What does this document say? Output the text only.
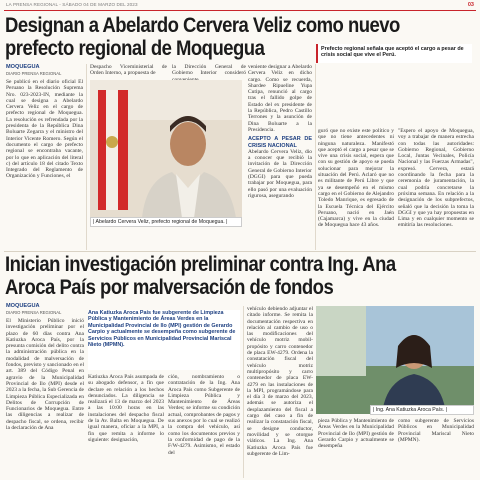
LA PRENSA REGIONAL - SÁBADO 04 DE MARZO DEL 2023	03
Designan a Abelardo Cervera Veliz como nuevo
prefecto regional de Moquegua
MOQUEGUA
DIARIO PRENSA REGIONAL
Se publicó en el diario oficial El Peruano la Resolución Suprema Nro. 023-2023-IN, mediante la cual se designa a Abelardo Cervera Veliz en el cargo de prefecto regional de Moquegua. La resolución es refrendada por la presidenta de la República Dina Boluarte Zegarra y el ministro del Interior Vicente Romero. Según el documento el cargo de prefecto regional se encontraba vacante, por lo que en aplicación del literal c) del artículo 18 del citado Texto Integrado del Reglamento de Organización y Funciones, el
Despacho Viceministerial de Orden Interno, a propuesta de
la Dirección General de Gobierno Interior consideró
| Abelardo Cervera Veliz, prefecto regional de Moquegua. |

veniente designar a Abelardo Cervera Veliz en dicho cargo. Como se recuerda, Shardee Ripueline Yupa Cutipa, renunció al cargo tras el fallido golpe de Estado del ex presidente de la República, Pedro Castillo Terrones y la asunción de Dina Boluarte a la Presidencia.

ACEPTO A PESAR DE CRISIS NACIONAL

Abelardo Cervera Veliz, dio a conocer que recibió la invitación de la Dirección General de Gobierno Interior (DGGI) para que pueda trabajar por Moquegua, para ello pasó por una evaluación rigurosa, asegurando

Prefecto regional señala que aceptó el cargo a pesar de crisis social que vive el Perú.
guró que no existe este político y que no tiene antecedentes ni ninguna naturaleza. Manifestó que aceptó el cargo a pesar que se vive una crisis social, espera que con su gestión de apoyo se pueda solucionar para mejorar la situación del Perú. Aclaró que no es militante de Perú Libre y que ya se desempeñó en el mismo cargo en el Gobierno de Alejandro Toledo Manrique, es egresado de la Escuela Técnica del Ejército Peruano, nació en Jaén (Cajamarca) y vive en la ciudad de Moquegua hace 43 años.
"Espero el apoyo de Moquegua, voy a trabajar de manera estrecha con todas las autoridades: Gobierno Regional, Gobierno Local, Juntas Vecinales, Policía Nacional y las Fuerzas Armadas", expresó. Cervera, estará coordinando la fecha para la ceremonia de juramentación, la cual podría concretarse la próxima semana. En relación a la designación de los subprefectos, señaló que la decisión la toma la DGGI y que ya hay propuestas en Lima y en cualquier momento se emitiría las resoluciones.
Inician investigación preliminar contra Ing. Ana
Aroca País por malversación de fondos
MOQUEGUA
DIARIO PRENSA REGIONAL
El Ministerio Público inició investigación preliminar por el plazo de 60 días contra Ana Katiuzka Aroca País, por la presunta comisión del delito contra la administración pública en la modalidad de malversación de fondos, previsto y sancionado en el art. 389 del Código Penal en agravio de la Municipalidad Provincial de Ilo (MPI) desde el 2023 a la fecha, la Sub Gerencia de Limpieza Pública Especializada en Delitos de Corrupción de Funcionarios de Moquegua. Entre las diligencias a realizar de despacho fiscal, se ordena, recibir la declaración de Ana
Ana Katiuzka Aroca País fue subgerente de Limpieza Pública y Mantenimiento de Áreas Verdes en la Municipalidad Provincial de Ilo (MPI) gestión de Gerardo Carpio y actualmente se desempeña como subgerente de Servicios Públicos en Municipalidad Provincial Mariscal Nieto (MPMN).
Katiuzka Aroca País asumpada de su abogado defensor, a fin que declare en relación a los hechos denunciados. La diligencia se realizará el 13 de marzo del 2023 a las 10:00 horas en las instalaciones del despacho fiscal de la Av. Balta en Moquegua. De igual manera, oficiar a la MPI, a fin que remita a informe lo siguiente: designación,
ción, nombramiento o contratación de la Ing. Ana Aroca País como Subgerente de Limpieza Pública y Mantenimiento de Áreas Verdes; se informe su condición actual, comprobantes de pagos y sus anexos por lo cual se realizó la compra del vehículo, así como los documentos previos y la conformidad de pago de la F/W-4279. Asimismo, el estado del
vehículo debiendo adjuntar el citado informe. Se remita la documentación respectiva en relación al cambio de uso o las modificaciones del vehículo motriz mobil-propósito y carro contenedor de placa EW-4279. Ordena la constatación fiscal del vehículo motriz multipropósito y carro contenedor de placa EW-4279 en las instalaciones de la MPI, programándose para el día 3 de marzo del 2023, además se autoriza el desplazamiento del fiscal a cargo del caso a fin de realizar la constatación fiscal, se designe conductor, movilidad y se otorgue viáticos. La Ing. Ana Katiuzka Aroca País fue subgerente de Lim-
| Ing. Ana Katiuzka Aroca País. |
pieza Pública y Mantenimiento de Áreas Verdes en la Municipalidad Provincial de Ilo (MPI) gestión de Gerardo Carpio y actualmente se desempeña
como subgerente de Servicios Públicos en Municipalidad Provincial Mariscal Nieto (MPMN).
